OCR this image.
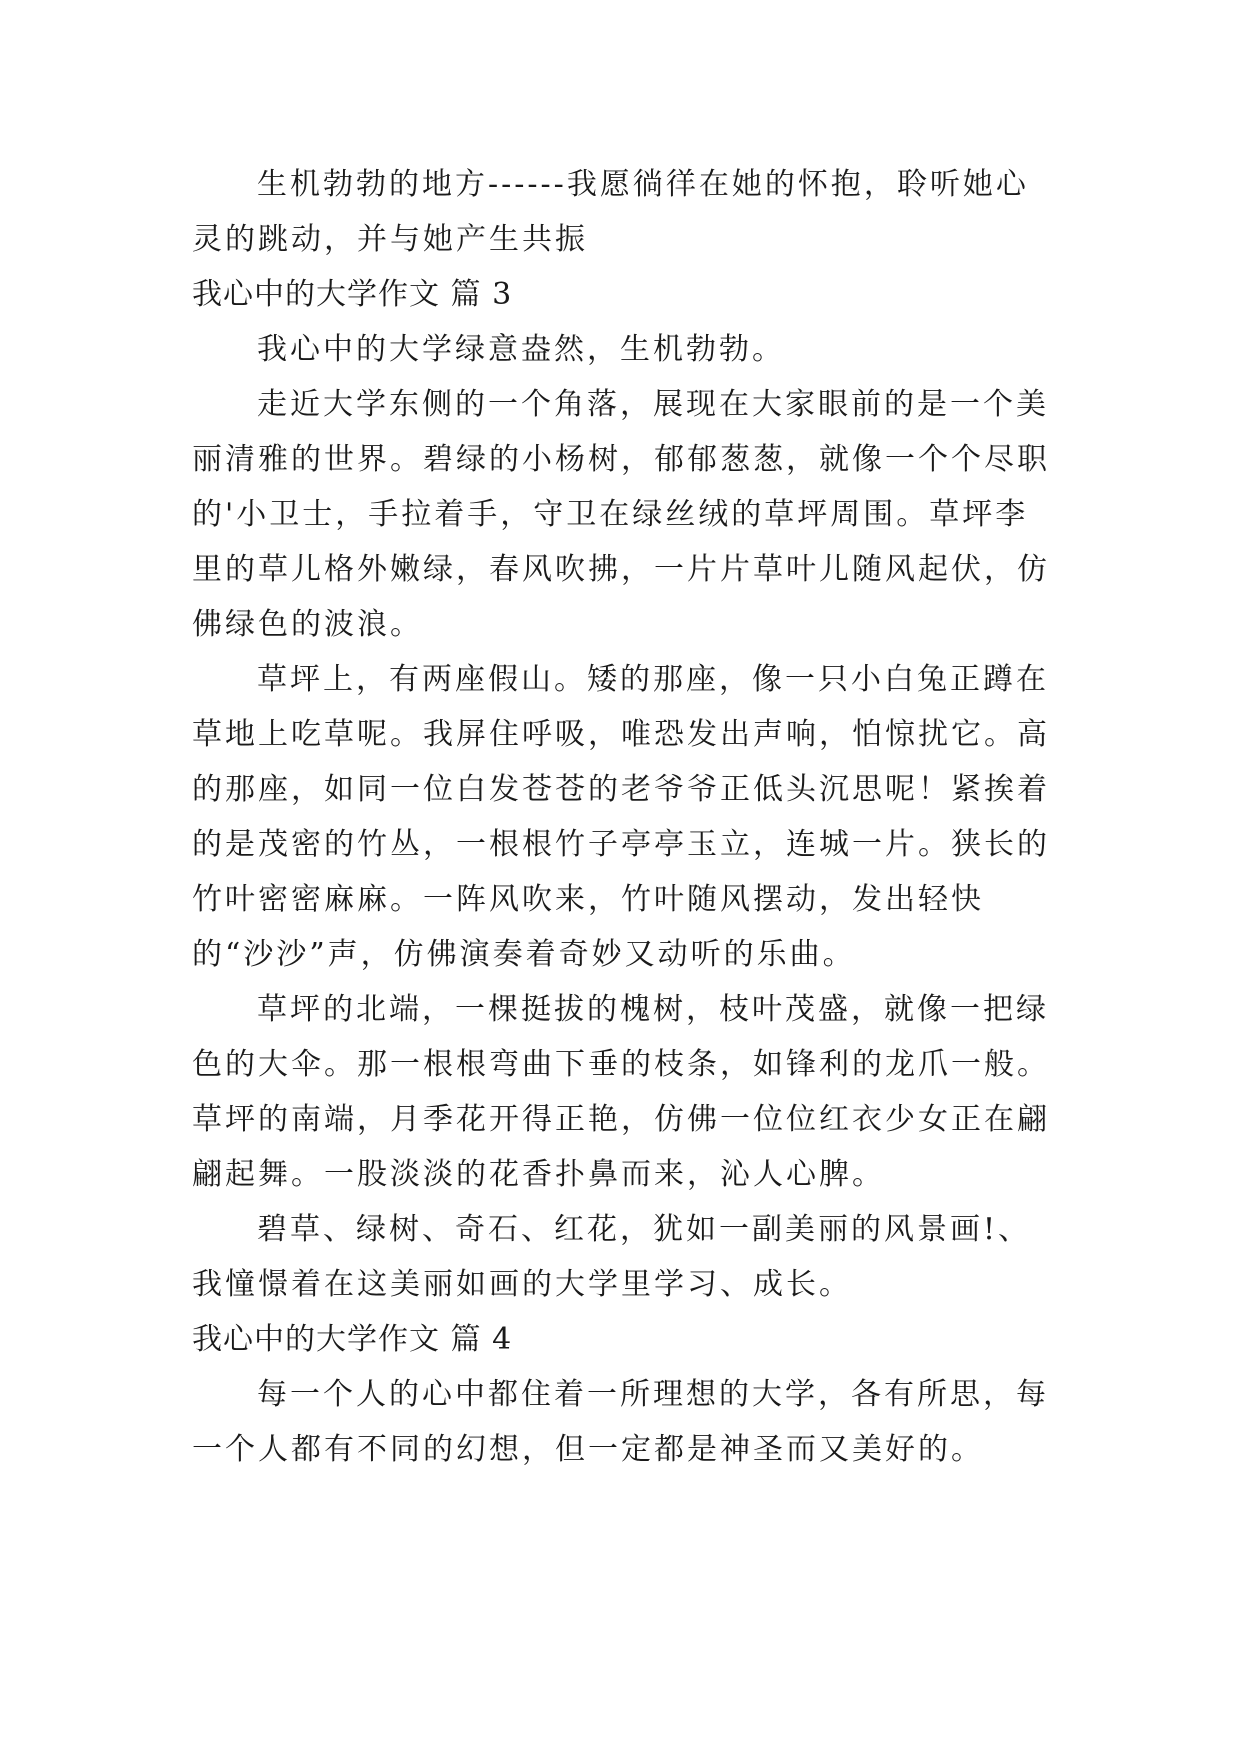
生机勃勃的地方------我愿徜徉在她的怀抱，聆听她心灵的跳动，并与她产生共振

我心中的大学作文 篇 3

我心中的大学绿意盎然，生机勃勃。

走近大学东侧的一个角落，展现在大家眼前的是一个美丽清雅的世界。碧绿的小杨树，郁郁葱葱，就像一个个尽职的'小卫士，手拉着手，守卫在绿丝绒的草坪周围。草坪李里的草儿格外嫩绿，春风吹拂，一片片草叶儿随风起伏，仿佛绿色的波浪。

草坪上，有两座假山。矮的那座，像一只小白兔正蹲在草地上吃草呢。我屏住呼吸，唯恐发出声响，怕惊扰它。高的那座，如同一位白发苍苍的老爷爷正低头沉思呢！紧挨着的是茂密的竹丛，一根根竹子亭亭玉立，连城一片。狭长的竹叶密密麻麻。一阵风吹来，竹叶随风摆动，发出轻快的“沙沙”声，仿佛演奏着奇妙又动听的乐曲。

草坪的北端，一棵挺拔的槐树，枝叶茂盛，就像一把绿色的大伞。那一根根弯曲下垂的枝条，如锋利的龙爪一般。草坪的南端，月季花开得正艳，仿佛一位位红衣少女正在翩翩起舞。一股淡淡的花香扑鼻而来，沁人心脾。

碧草、绿树、奇石、红花，犹如一副美丽的风景画!、我憧憬着在这美丽如画的大学里学习、成长。

我心中的大学作文 篇 4

每一个人的心中都住着一所理想的大学，各有所思，每一个人都有不同的幻想，但一定都是神圣而又美好的。
